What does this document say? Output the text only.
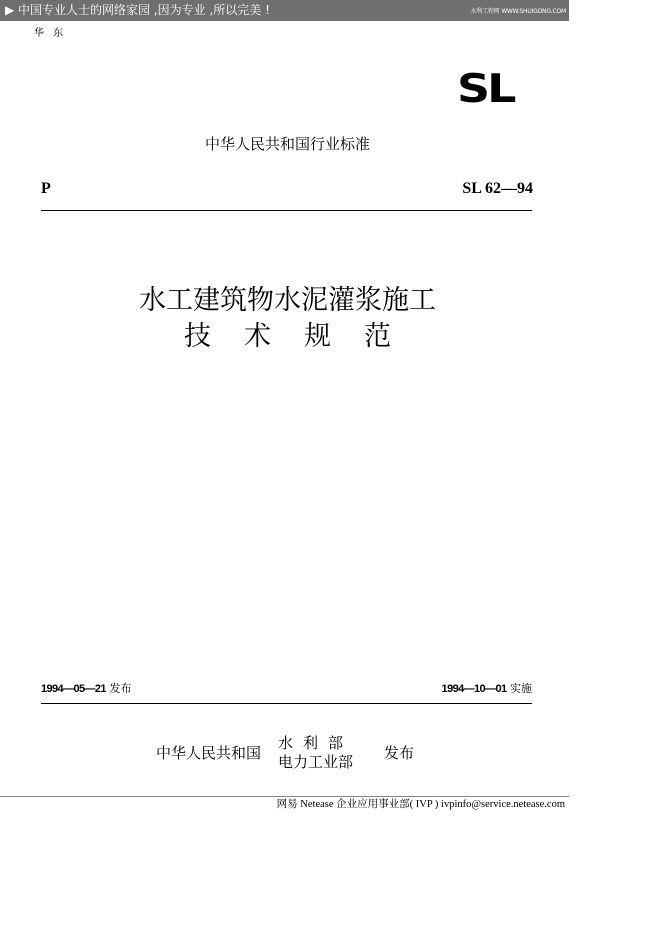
▶ 中国专业人士的网络家园 ,因为专业 ,所以完美 !	水利工程网 WWW.SHUIGONG.COM
华 东
SL
中华人民共和国行业标准
P	SL 62—94
水工建筑物水泥灌浆施工
技术规范
1994—05—21 发布	1994—10—01 实施
中华人民共和国
水利部
电力工业部 发布
网易 Netease 企业应用事业部( IVP ) ivpinfo@service.netease.com
